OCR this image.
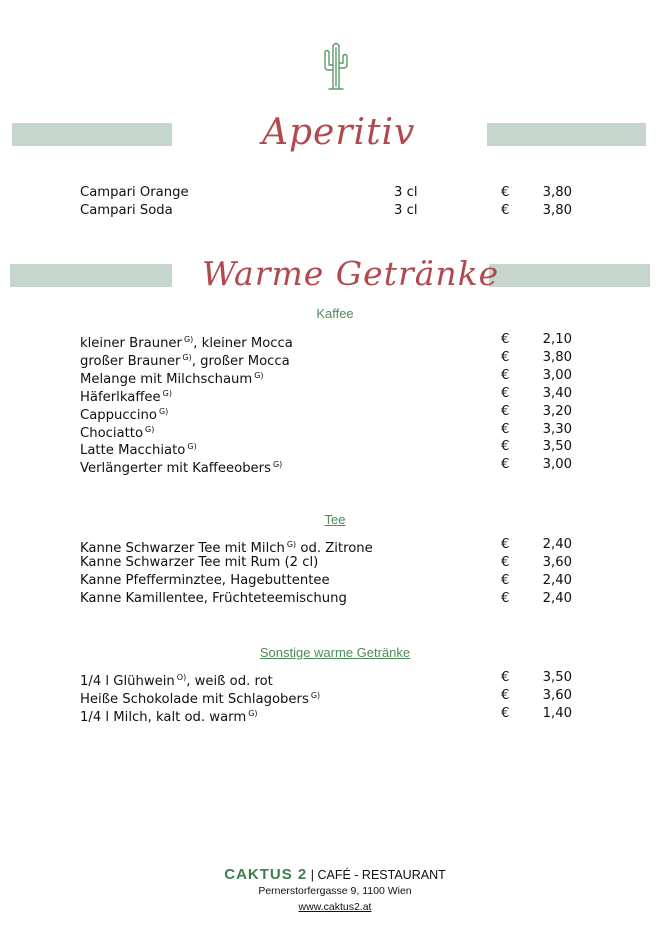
Aperitiv
Campari Orange	3 cl	€	3,80
Campari Soda	3 cl	€	3,80
Warme Getränke
Kaffee
kleiner Brauner $^{G)}$, kleiner Mocca	€	2,10
großer Brauner $^{G)}$, großer Mocca	€	3,80
Melange mit Milchschaum $^{G)}$	€	3,00
Häferlkaffee $^{G)}$	€	3,40
Cappuccino $^{G)}$	€	3,20
Chociatto $^{G)}$	€	3,30
Latte Macchiato $^{G)}$	€	3,50
Verlängerter mit Kaffeeobers $^{G)}$	€	3,00
Tee
Kanne Schwarzer Tee mit Milch $^{G)}$ od. Zitrone	€	2,40
Kanne Schwarzer Tee mit Rum (2 cl)	€	3,60
Kanne Pfefferminztee, Hagebuttentee	€	2,40
Kanne Kamillentee, Früchteteemischung	€	2,40
Sonstige warme Getränke
1/4 l Glühwein $^{O)}$, weiß od. rot	€	3,50
Heiße Schokolade mit Schlagobers $^{G)}$	€	3,60
1/4 l Milch, kalt od. warm $^{G)}$	€	1,40
CAKTUS 2 | CAFÉ - RESTAURANT
Pernerstorfergasse 9, 1100 Wien
www.caktus2.at
